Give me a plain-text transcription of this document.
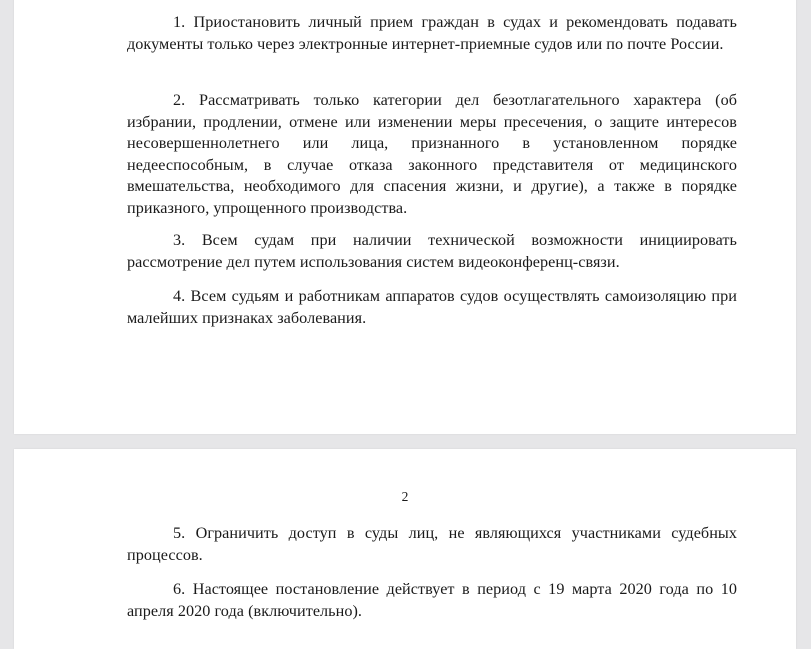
1. Приостановить личный прием граждан в судах и рекомендовать подавать документы только через электронные интернет-приемные судов или по почте России.

2. Рассматривать только категории дел безотлагательного характера (об избрании, продлении, отмене или изменении меры пресечения, о защите интересов несовершеннолетнего или лица, признанного в установленном порядке недееспособным, в случае отказа законного представителя от медицинского вмешательства, необходимого для спасения жизни, и другие), а также в порядке приказного, упрощенного производства.

3. Всем судам при наличии технической возможности инициировать рассмотрение дел путем использования систем видеоконференц-связи.

4. Всем судьям и работникам аппаратов судов осуществлять самоизоляцию при малейших признаках заболевания.

2

5. Ограничить доступ в суды лиц, не являющихся участниками судебных процессов.

6. Настоящее постановление действует в период с 19 марта 2020 года по 10 апреля 2020 года (включительно).
